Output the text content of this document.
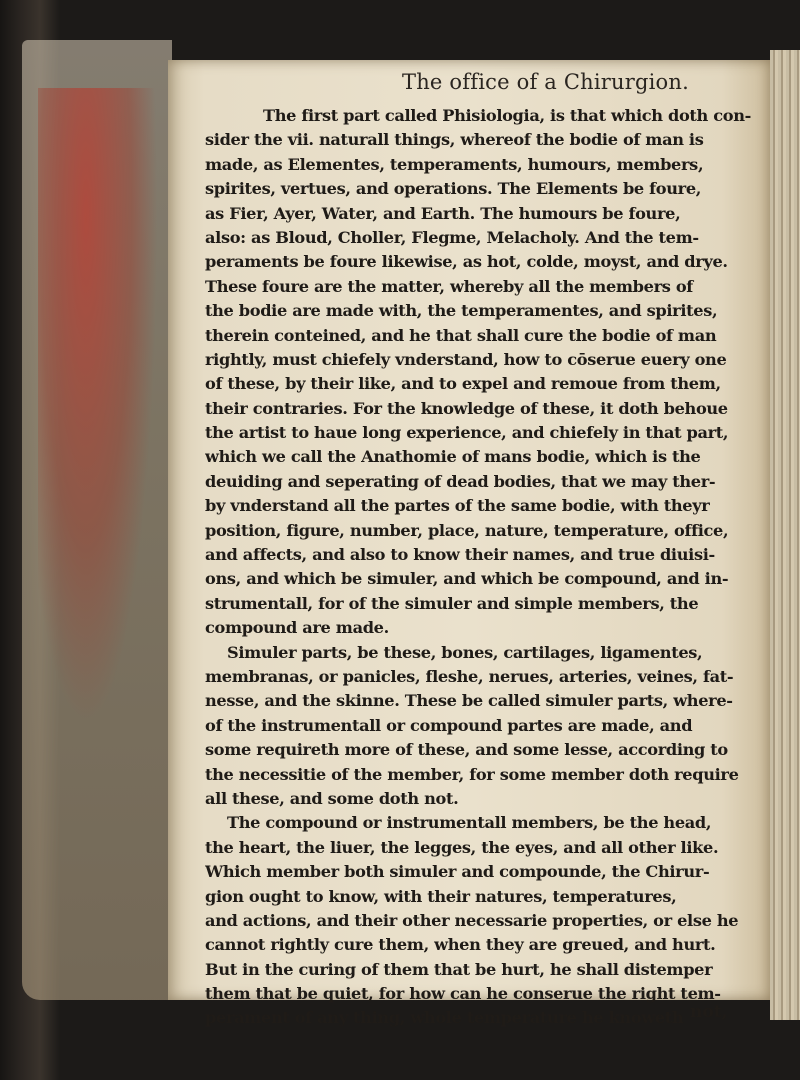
The office of a Chirurgion.
The first part called Phisiologia, is that which doth con-
sider the vii. naturall things, whereof the bodie of man is
made, as Elementes, temperaments, humours, members,
spirites, vertues, and operations. The Elements be foure,
as Fier, Ayer, Water, and Earth. The humours be foure,
also: as Bloud, Choller, Flegme, Melacholy. And the tem-
peraments be foure likewise, as hot, colde, moyst, and drye.
These foure are the matter, whereby all the members of
the bodie are made with, the temperamentes, and spirites,
therein conteined, and he that shall cure the bodie of man
rightly, must chiefely vnderstand, how to cōserue euery one
of these, by their like, and to expel and remoue from them,
their contraries. For the knowledge of these, it doth behoue
the artist to haue long experience, and chiefely in that part,
which we call the Anathomie of mans bodie, which is the
deuiding and seperating of dead bodies, that we may ther-
by vnderstand all the partes of the same bodie, with theyr
position, figure, number, place, nature, temperature, office,
and affects, and also to know their names, and true diuisi-
ons, and which be simuler, and which be compound, and in-
strumentall, for of the simuler and simple members, the
compound are made.
Simuler parts, be these, bones, cartilages, ligamentes,
membranas, or panicles, fleshe, nerues, arteries, veines, fat-
nesse, and the skinne. These be called simuler parts, where-
of the instrumentall or compound partes are made, and
some requireth more of these, and some lesse, according to
the necessitie of the member, for some member doth require
all these, and some doth not.
The compound or instrumentall members, be the head,
the heart, the liuer, the legges, the eyes, and all other like.
Which member both simuler and compounde, the Chirur-
gion ought to know, with their natures, temperatures,
and actions, and their other necessarie properties, or else he
cannot rightly cure them, when they are greued, and hurt.
But in the curing of them that be hurt, he shall distemper
them that be quiet, for how can he conserue the right tem-
perament of any thing, whole temperature he knoweth not,
